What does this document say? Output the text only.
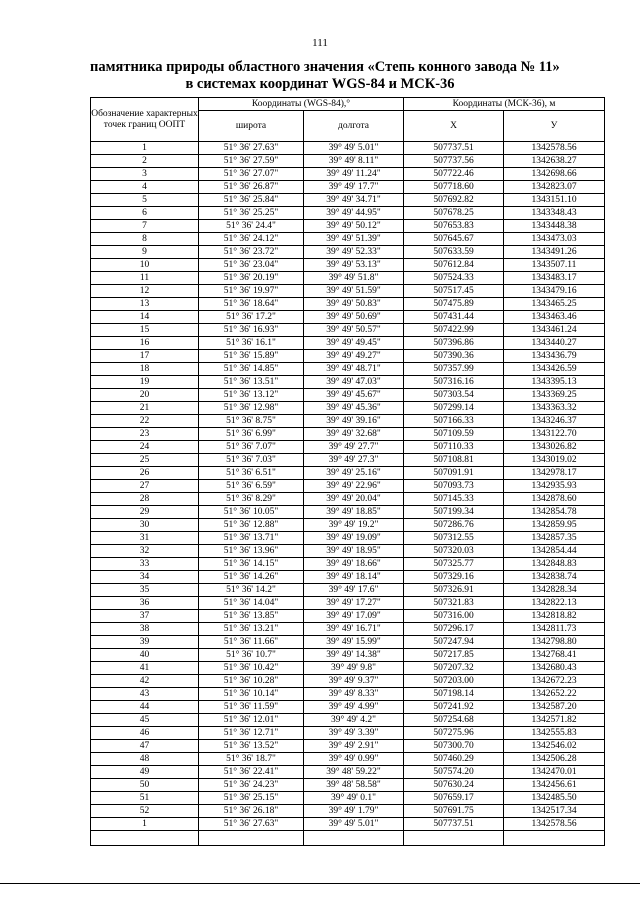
111
памятника природы областного значения «Степь конного завода № 11»
в системах координат WGS-84 и МСК-36
Обозначение характерных точек границ ООПТ	Координаты (WGS-84),°		Координаты (МСК-36), м	
	широта	долгота	X	У
1	51° 36' 27.63"	39° 49' 5.01"	507737.51	1342578.56
2	51° 36' 27.59"	39° 49' 8.11"	507737.56	1342638.27
3	51° 36' 27.07"	39° 49' 11.24"	507722.46	1342698.66
4	51° 36' 26.87"	39° 49' 17.7"	507718.60	1342823.07
5	51° 36' 25.84"	39° 49' 34.71"	507692.82	1343151.10
6	51° 36' 25.25"	39° 49' 44.95"	507678.25	1343348.43
7	51° 36' 24.4"	39° 49' 50.12"	507653.83	1343448.38
8	51° 36' 24.12"	39° 49' 51.39"	507645.67	1343473.03
9	51° 36' 23.72"	39° 49' 52.33"	507633.59	1343491.26
10	51° 36' 23.04"	39° 49' 53.13"	507612.84	1343507.11
11	51° 36' 20.19"	39° 49' 51.8"	507524.33	1343483.17
12	51° 36' 19.97"	39° 49' 51.59"	507517.45	1343479.16
13	51° 36' 18.64"	39° 49' 50.83"	507475.89	1343465.25
14	51° 36' 17.2"	39° 49' 50.69"	507431.44	1343463.46
15	51° 36' 16.93"	39° 49' 50.57"	507422.99	1343461.24
16	51° 36' 16.1"	39° 49' 49.45"	507396.86	1343440.27
17	51° 36' 15.89"	39° 49' 49.27"	507390.36	1343436.79
18	51° 36' 14.85"	39° 49' 48.71"	507357.99	1343426.59
19	51° 36' 13.51"	39° 49' 47.03"	507316.16	1343395.13
20	51° 36' 13.12"	39° 49' 45.67"	507303.54	1343369.25
21	51° 36' 12.98"	39° 49' 45.36"	507299.14	1343363.32
22	51° 36' 8.75"	39° 49' 39.16"	507166.33	1343246.37
23	51° 36' 6.99"	39° 49' 32.68"	507109.59	1343122.70
24	51° 36' 7.07"	39° 49' 27.7"	507110.33	1343026.82
25	51° 36' 7.03"	39° 49' 27.3"	507108.81	1343019.02
26	51° 36' 6.51"	39° 49' 25.16"	507091.91	1342978.17
27	51° 36' 6.59"	39° 49' 22.96"	507093.73	1342935.93
28	51° 36' 8.29"	39° 49' 20.04"	507145.33	1342878.60
29	51° 36' 10.05"	39° 49' 18.85"	507199.34	1342854.78
30	51° 36' 12.88"	39° 49' 19.2"	507286.76	1342859.95
31	51° 36' 13.71"	39° 49' 19.09"	507312.55	1342857.35
32	51° 36' 13.96"	39° 49' 18.95"	507320.03	1342854.44
33	51° 36' 14.15"	39° 49' 18.66"	507325.77	1342848.83
34	51° 36' 14.26"	39° 49' 18.14"	507329.16	1342838.74
35	51° 36' 14.2"	39° 49' 17.6"	507326.91	1342828.34
36	51° 36' 14.04"	39° 49' 17.27"	507321.83	1342822.13
37	51° 36' 13.85"	39° 49' 17.09"	507316.00	1342818.82
38	51° 36' 13.21"	39° 49' 16.71"	507296.17	1342811.73
39	51° 36' 11.66"	39° 49' 15.99"	507247.94	1342798.80
40	51° 36' 10.7"	39° 49' 14.38"	507217.85	1342768.41
41	51° 36' 10.42"	39° 49' 9.8"	507207.32	1342680.43
42	51° 36' 10.28"	39° 49' 9.37"	507203.00	1342672.23
43	51° 36' 10.14"	39° 49' 8.33"	507198.14	1342652.22
44	51° 36' 11.59"	39° 49' 4.99"	507241.92	1342587.20
45	51° 36' 12.01"	39° 49' 4.2"	507254.68	1342571.82
46	51° 36' 12.71"	39° 49' 3.39"	507275.96	1342555.83
47	51° 36' 13.52"	39° 49' 2.91"	507300.70	1342546.02
48	51° 36' 18.7"	39° 49' 0.99"	507460.29	1342506.28
49	51° 36' 22.41"	39° 48' 59.22"	507574.20	1342470.01
50	51° 36' 24.23"	39° 48' 58.58"	507630.24	1342456.61
51	51° 36' 25.15"	39° 49' 0.1"	507659.17	1342485.50
52	51° 36' 26.18"	39° 49' 1.79"	507691.75	1342517.34
1	51° 36' 27.63"	39° 49' 5.01"	507737.51	1342578.56
